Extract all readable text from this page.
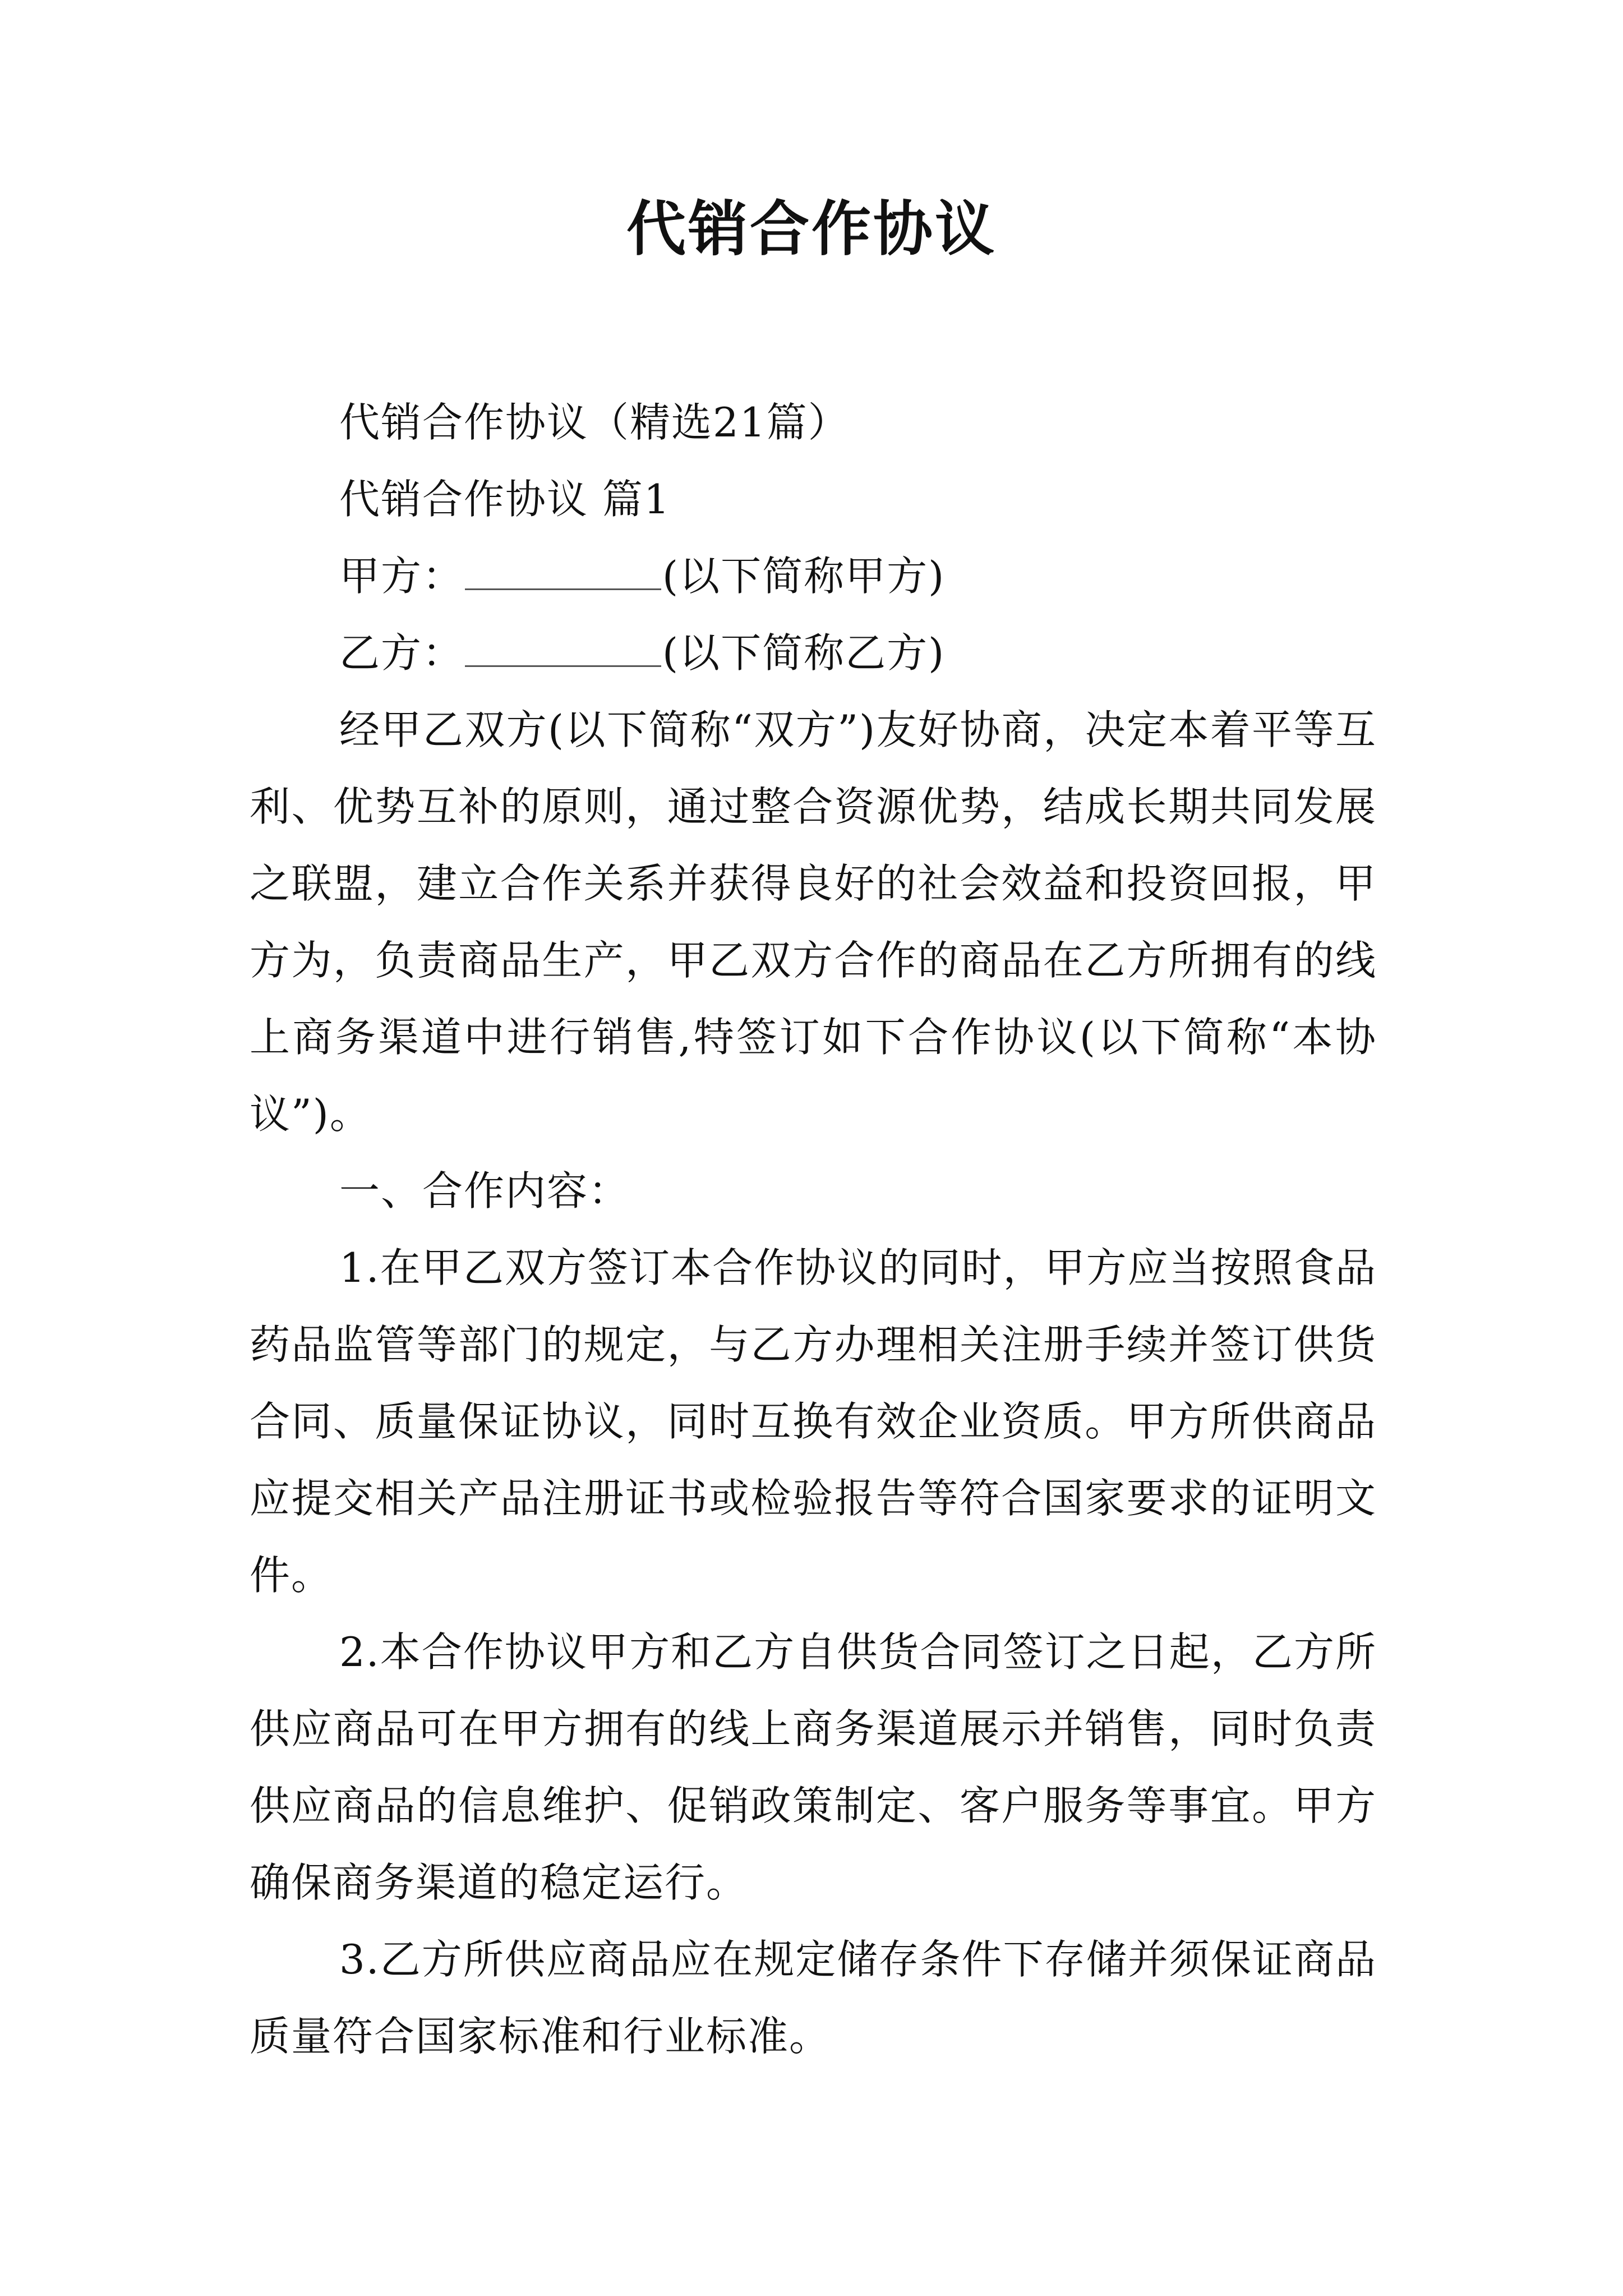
代销合作协议

代销合作协议（精选21篇）

代销合作协议 篇1

甲方：	(以下简称甲方)

乙方：	(以下简称乙方)

经甲乙双方(以下简称“双方”)友好协商，决定本着平等互利、优势互补的原则，通过整合资源优势，结成长期共同发展之联盟，建立合作关系并获得良好的社会效益和投资回报，甲方为，负责商品生产，甲乙双方合作的商品在乙方所拥有的线上商务渠道中进行销售,特签订如下合作协议(以下简称“本协议”)。

一、合作内容：

1.在甲乙双方签订本合作协议的同时，甲方应当按照食品药品监管等部门的规定，与乙方办理相关注册手续并签订供货合同、质量保证协议，同时互换有效企业资质。甲方所供商品应提交相关产品注册证书或检验报告等符合国家要求的证明文件。

2.本合作协议甲方和乙方自供货合同签订之日起，乙方所供应商品可在甲方拥有的线上商务渠道展示并销售，同时负责供应商品的信息维护、促销政策制定、客户服务等事宜。甲方确保商务渠道的稳定运行。

3.乙方所供应商品应在规定储存条件下存储并须保证商品质量符合国家标准和行业标准。
